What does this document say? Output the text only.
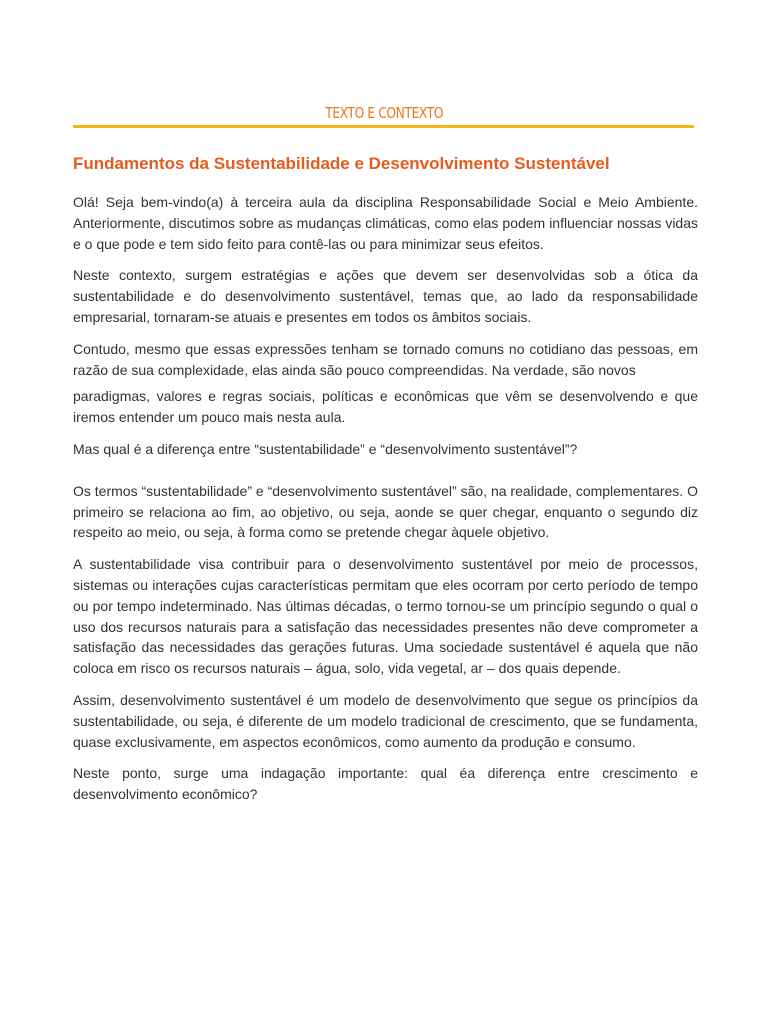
TEXTO E CONTEXTO
Fundamentos da Sustentabilidade e Desenvolvimento Sustentável

Olá! Seja bem-vindo(a) à terceira aula da disciplina Responsabilidade Social e Meio Ambiente. Anteriormente, discutimos sobre as mudanças climáticas, como elas podem influenciar nossas vidas e o que pode e tem sido feito para contê-las ou para minimizar seus efeitos.

Neste contexto, surgem estratégias e ações que devem ser desenvolvidas sob a ótica da sustentabilidade e do desenvolvimento sustentável, temas que, ao lado da responsabilidade empresarial, tornaram-se atuais e presentes em todos os âmbitos sociais.

Contudo, mesmo que essas expressões tenham se tornado comuns no cotidiano das pessoas, em razão de sua complexidade, elas ainda são pouco compreendidas. Na verdade, são novos

paradigmas, valores e regras sociais, políticas e econômicas que vêm se desenvolvendo e que iremos entender um pouco mais nesta aula.

Mas qual é a diferença entre “sustentabilidade” e “desenvolvimento sustentável”?

Os termos “sustentabilidade” e “desenvolvimento sustentável” são, na realidade, complementares. O primeiro se relaciona ao fim, ao objetivo, ou seja, aonde se quer chegar, enquanto o segundo diz respeito ao meio, ou seja, à forma como se pretende chegar àquele objetivo.

A sustentabilidade visa contribuir para o desenvolvimento sustentável por meio de processos, sistemas ou interações cujas características permitam que eles ocorram por certo período de tempo ou por tempo indeterminado. Nas últimas décadas, o termo tornou-se um princípio segundo o qual o uso dos recursos naturais para a satisfação das necessidades presentes não deve comprometer a satisfação das necessidades das gerações futuras. Uma sociedade sustentável é aquela que não coloca em risco os recursos naturais – água, solo, vida vegetal, ar – dos quais depende.

Assim, desenvolvimento sustentável é um modelo de desenvolvimento que segue os princípios da sustentabilidade, ou seja, é diferente de um modelo tradicional de crescimento, que se fundamenta, quase exclusivamente, em aspectos econômicos, como aumento da produção e consumo.

Neste ponto, surge uma indagação importante: qual éa diferença entre crescimento e desenvolvimento econômico?
